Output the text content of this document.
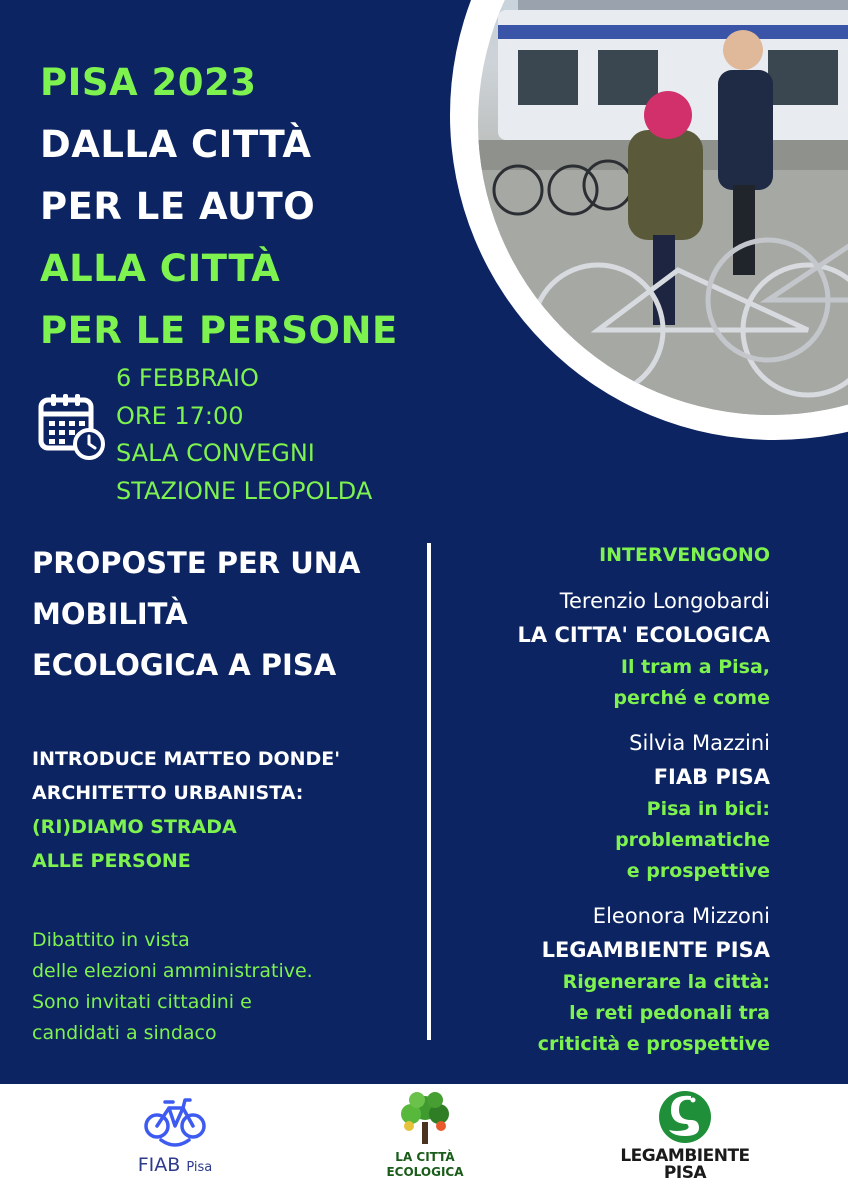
PISA 2023
DALLA CITTÀ
PER LE AUTO
ALLA CITTÀ
PER LE PERSONE
6 FEBBRAIO
ORE 17:00
SALA CONVEGNI
STAZIONE LEOPOLDA
PROPOSTE PER UNA
MOBILITÀ
ECOLOGICA A PISA
INTRODUCE MATTEO DONDE'
ARCHITETTO URBANISTA:
(RI)DIAMO STRADA
ALLE PERSONE
Dibattito in vista
delle elezioni amministrative.
Sono invitati cittadini e
candidati a sindaco
INTERVENGONO
Terenzio Longobardi
LA CITTA' ECOLOGICA
Il tram a Pisa,
perché e come
Silvia Mazzini
FIAB PISA
Pisa in bici:
problematiche
e prospettive
Eleonora Mizzoni
LEGAMBIENTE PISA
Rigenerare la città:
le reti pedonali tra
criticità e prospettive
FIAB Pisa
LA CITTÀ
ECOLOGICA
LEGAMBIENTE
PISA
